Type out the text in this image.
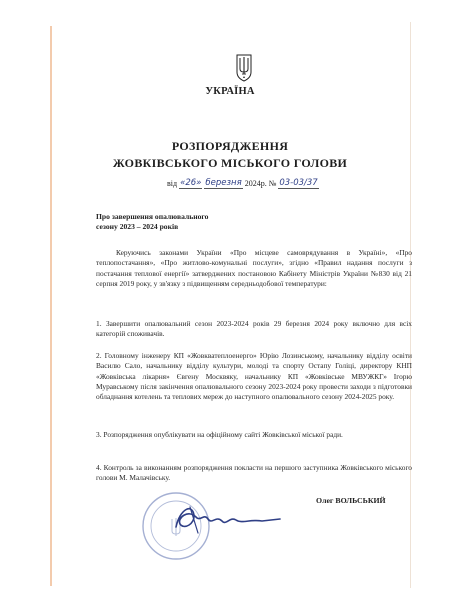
УКРАЇНА
РОЗПОРЯДЖЕННЯ
ЖОВКІВСЬКОГО МІСЬКОГО ГОЛОВИ
від «26» березня 2024р. № 03-03/37
Про завершення опалювального
сезону 2023 – 2024 років
Керуючись законами України «Про місцеве самоврядування в Україні», «Про теплопостачання», «Про житлово-комунальні послуги», згідно «Правил надання послуги з постачання теплової енергії» затверджених постановою Кабінету Міністрів України №830 від 21 серпня 2019 року, у зв'язку з підвищенням середньодобової температури:
1. Завершити опалювальний сезон 2023-2024 років 29 березня 2024 року включно для всіх категорій споживачів.
2. Головному інженеру КП «Жовкватеплоенерго» Юрію Лозинському, начальнику відділу освіти Василю Сало, начальнику відділу культури, молоді та спорту Остапу Голіці, директору КНП «Жовківська лікарня» Євгену Москвяку, начальнику КП «Жовківське МВУЖКГ» Ігорю Муравському після закінчення опалювального сезону 2023-2024 року провести заходи з підготовки обладнання котелень та теплових мереж до наступного опалювального сезону 2024-2025 року.
3. Розпорядження опублікувати на офіційному сайті Жовківської міської ради.
4. Контроль за виконанням розпорядження покласти на першого заступника Жовківського міського голови М. Малачівську.
Олег ВОЛЬСЬКИЙ
